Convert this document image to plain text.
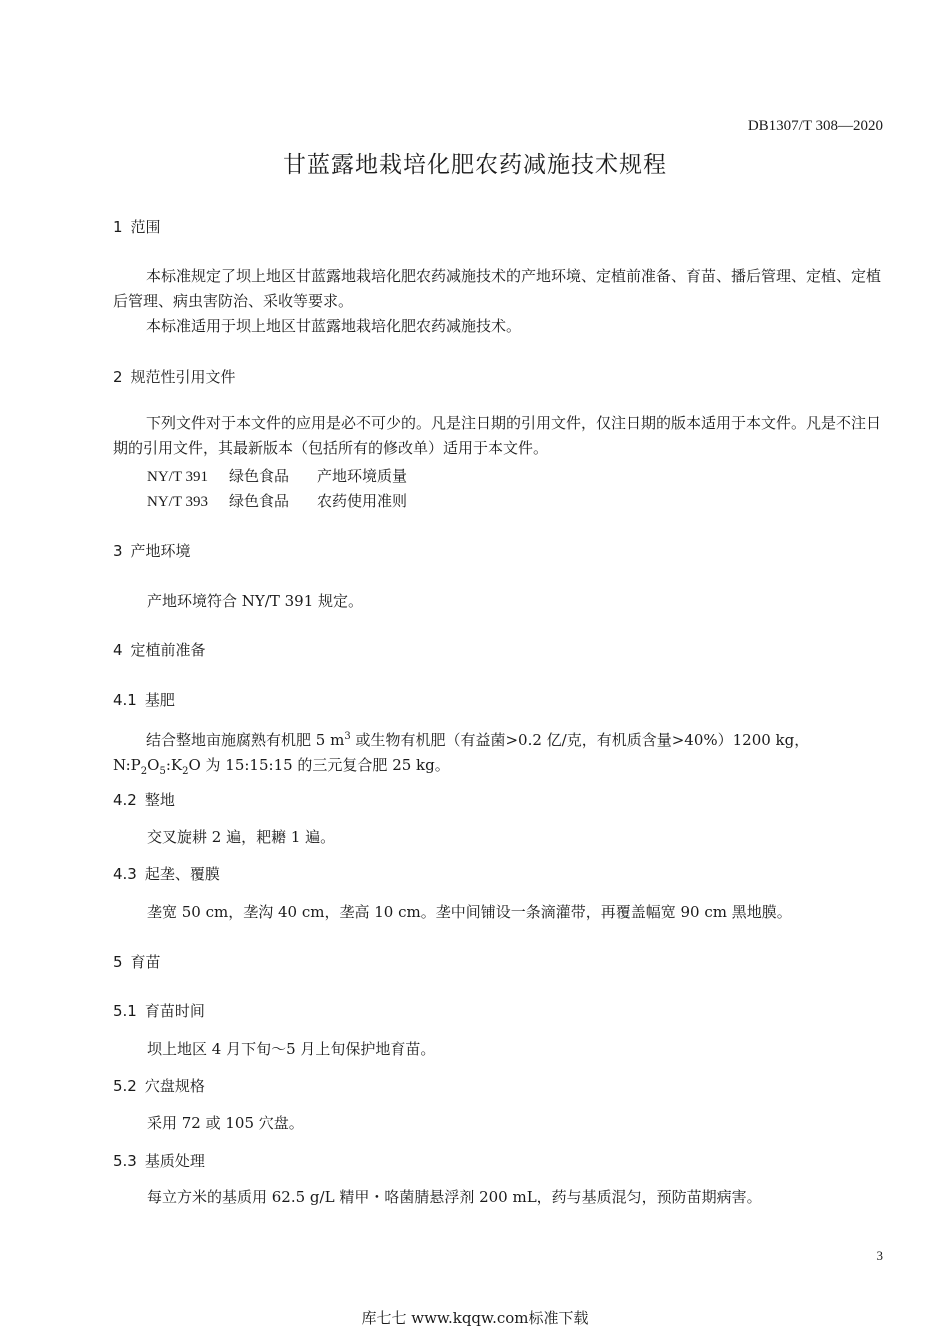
DB1307/T 308—2020
甘蓝露地栽培化肥农药减施技术规程
1 范围

本标准规定了坝上地区甘蓝露地栽培化肥农药减施技术的产地环境、定植前准备、育苗、播后管理、定植、定植后管理、病虫害防治、采收等要求。

本标准适用于坝上地区甘蓝露地栽培化肥农药减施技术。

2 规范性引用文件

下列文件对于本文件的应用是必不可少的。凡是注日期的引用文件，仅注日期的版本适用于本文件。凡是不注日期的引用文件，其最新版本（包括所有的修改单）适用于本文件。

NY/T 391 绿色食品 产地环境质量
NY/T 393 绿色食品 农药使用准则
3 产地环境
产地环境符合 NY/T 391 规定。
4 定植前准备
4.1 基肥

结合整地亩施腐熟有机肥 5 $m^3$ 或生物有机肥（有益菌>0.2 亿/克，有机质含量>40%）1200 kg，$N:P_2O_5:K_2O$ 为 15:15:15 的三元复合肥 25 kg。

4.2 整地
交叉旋耕 2 遍，耙耱 1 遍。
4.3 起垄、覆膜
垄宽 50 cm，垄沟 40 cm，垄高 10 cm。垄中间铺设一条滴灌带，再覆盖幅宽 90 cm 黑地膜。
5 育苗
5.1 育苗时间
坝上地区 4 月下旬～5 月上旬保护地育苗。
5.2 穴盘规格
采用 72 或 105 穴盘。
5.3 基质处理
每立方米的基质用 62.5 g/L 精甲・咯菌腈悬浮剂 200 mL，药与基质混匀，预防苗期病害。
3
库七七 www.kqqw.com标准下载
